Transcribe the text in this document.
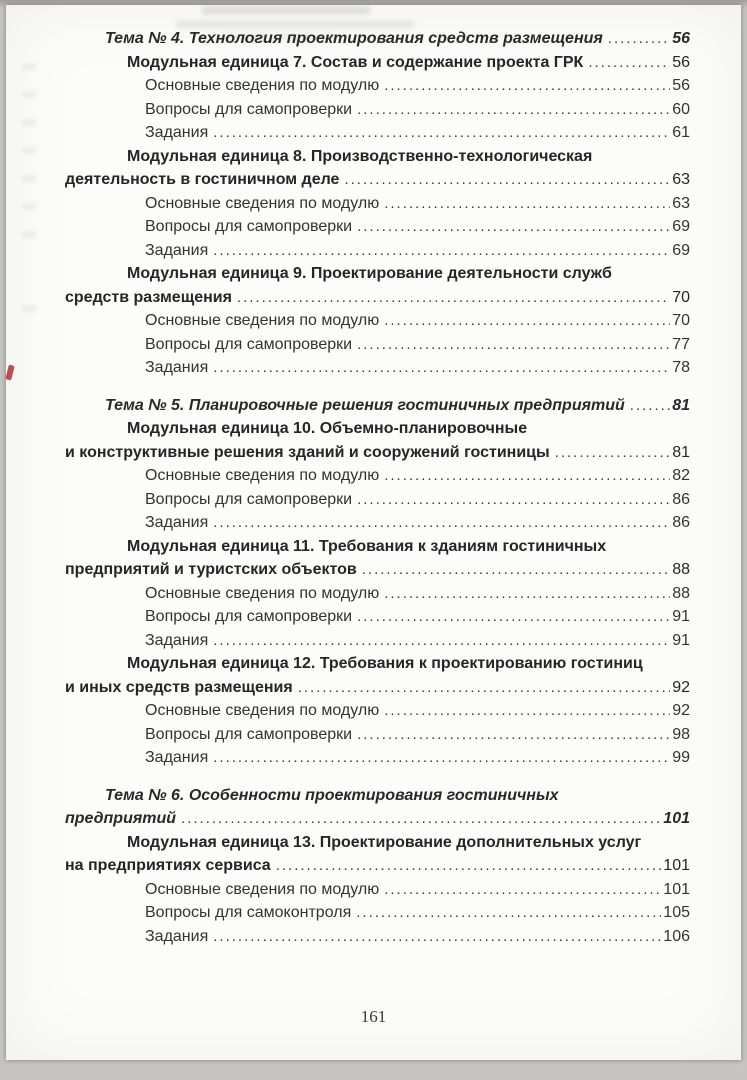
Тема № 4. Технология проектирования средств размещения .....	56
Модульная единица 7. Состав и содержание проекта ГРК .....	56
Основные сведения по модулю .....	56
Вопросы для самопроверки .....	60
Задания .....	61
Модульная единица 8. Производственно-технологическая
деятельность в гостиничном деле .....	63
Основные сведения по модулю .....	63
Вопросы для самопроверки .....	69
Задания .....	69
Модульная единица 9. Проектирование деятельности служб
средств размещения .....	70
Основные сведения по модулю .....	70
Вопросы для самопроверки .....	77
Задания .....	78
Тема № 5. Планировочные решения гостиничных предприятий .....	81
Модульная единица 10. Объемно-планировочные
и конструктивные решения зданий и сооружений гостиницы .....	81
Основные сведения по модулю .....	82
Вопросы для самопроверки .....	86
Задания .....	86
Модульная единица 11. Требования к зданиям гостиничных
предприятий и туристских объектов .....	88
Основные сведения по модулю .....	88
Вопросы для самопроверки .....	91
Задания .....	91
Модульная единица 12. Требования к проектированию гостиниц
и иных средств размещения .....	92
Основные сведения по модулю .....	92
Вопросы для самопроверки .....	98
Задания .....	99
Тема № 6. Особенности проектирования гостиничных
предприятий .....	101
Модульная единица 13. Проектирование дополнительных услуг
на предприятиях сервиса .....	101
Основные сведения по модулю .....	101
Вопросы для самоконтроля .....	105
Задания .....	106
161
